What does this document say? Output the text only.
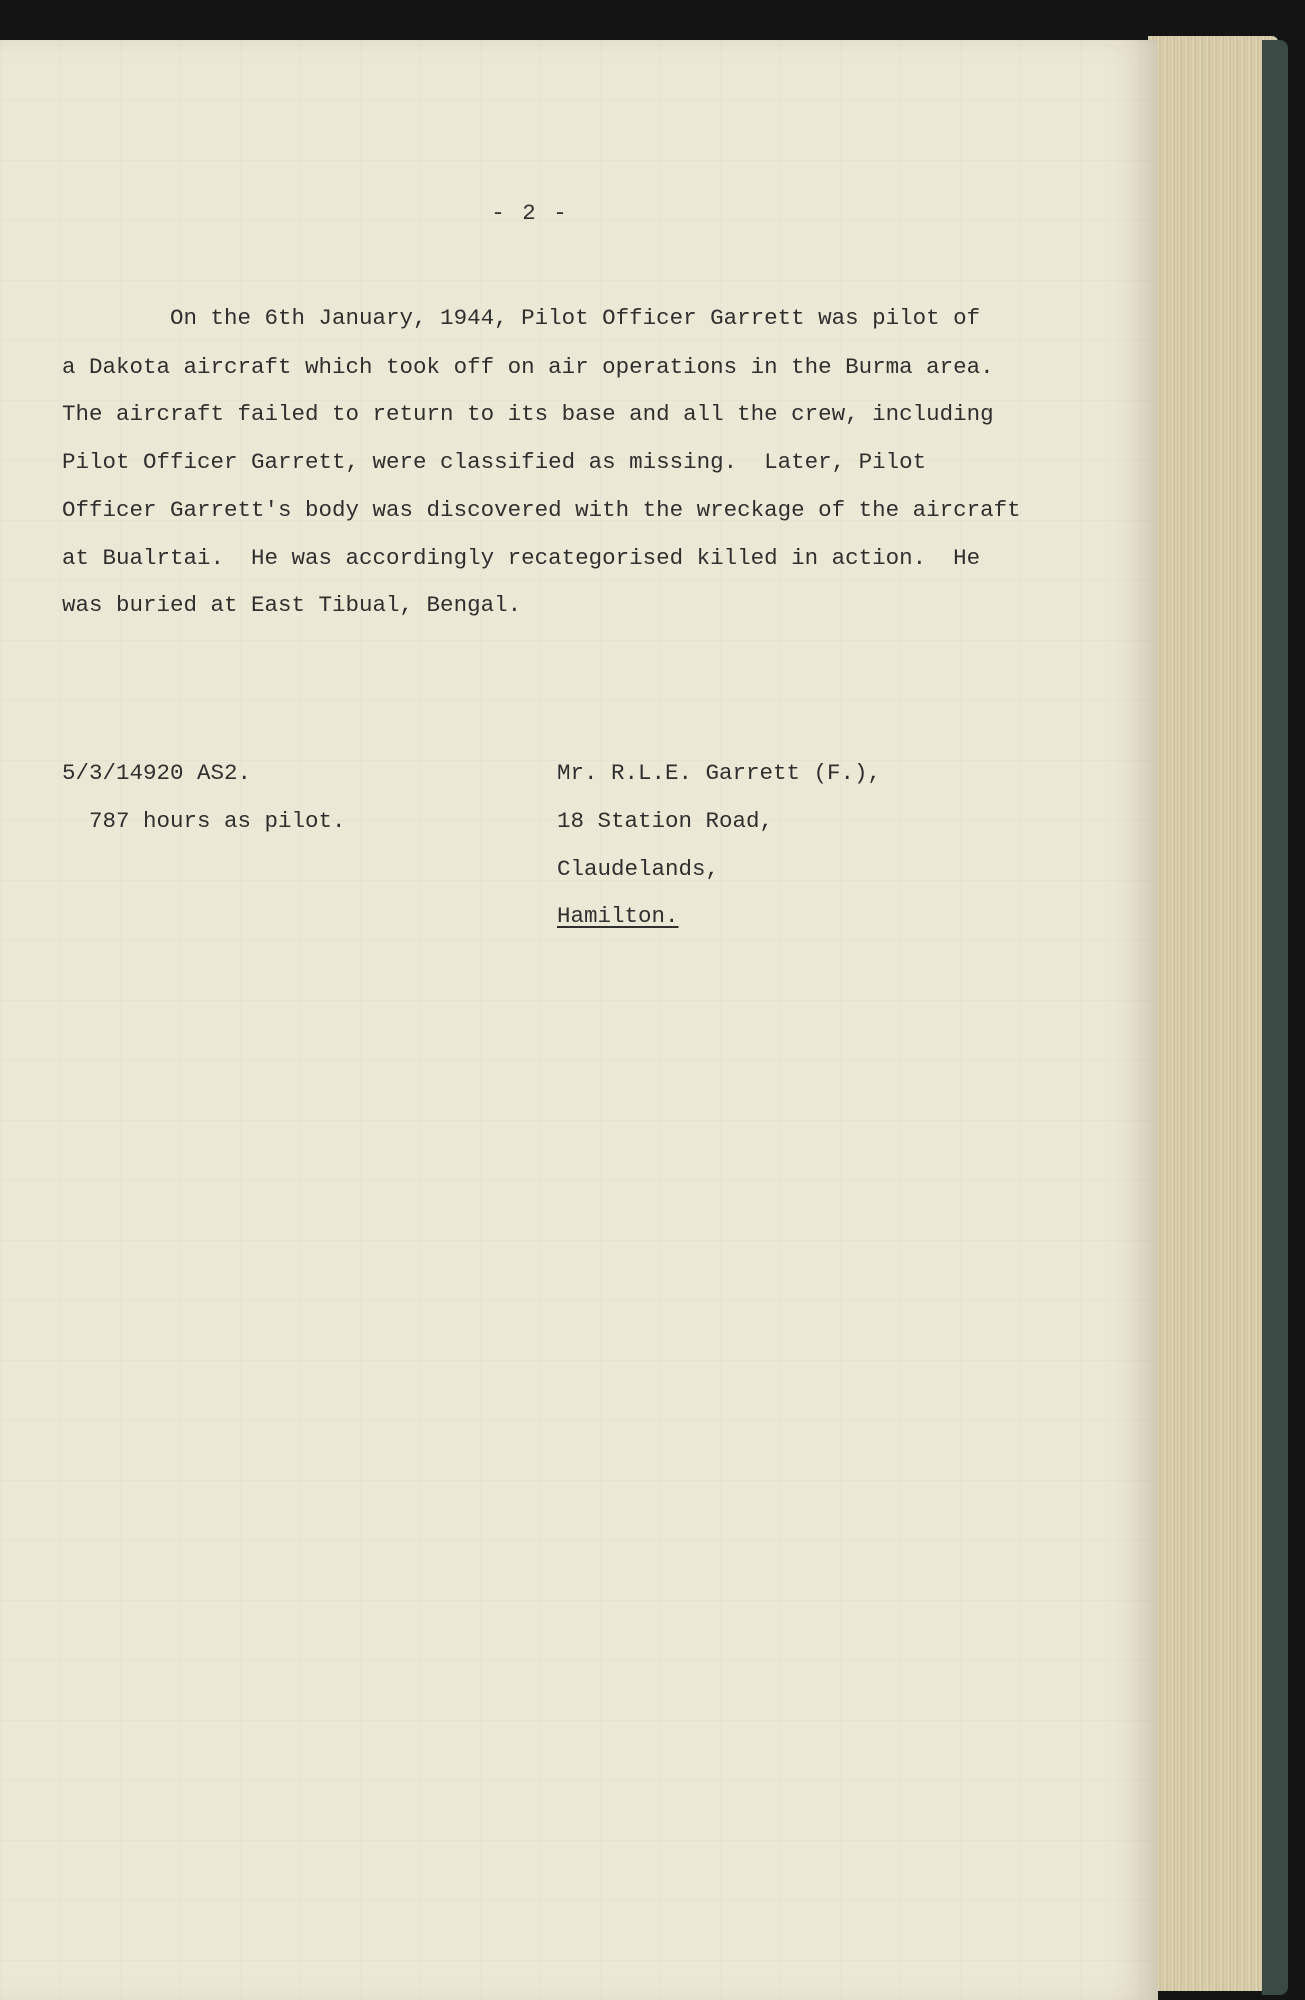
- 2 -
On the 6th January, 1944, Pilot Officer Garrett was pilot of
a Dakota aircraft which took off on air operations in the Burma area.
The aircraft failed to return to its base and all the crew, including
Pilot Officer Garrett, were classified as missing.  Later, Pilot
Officer Garrett's body was discovered with the wreckage of the aircraft
at Bualrtai.  He was accordingly recategorised killed in action.  He
was buried at East Tibual, Bengal.
5/3/14920 AS2.
787 hours as pilot.
Mr. R.L.E. Garrett (F.),
18 Station Road,
Claudelands,
Hamilton.
